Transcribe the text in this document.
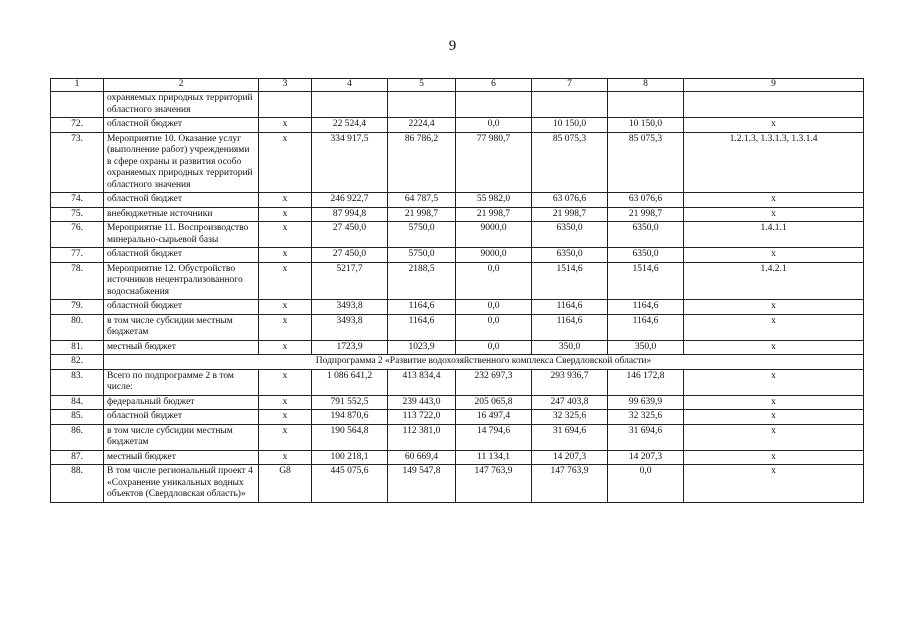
9
1	2	3	4	5	6	7	8	9
	охраняемых природных территорий областного значения							
72.	областной бюджет	х	22 524,4	2224,4	0,0	10 150,0	10 150,0	х
73.	Мероприятие 10. Оказание услуг (выполнение работ) учреждениями в сфере охраны и развития особо охраняемых природных территорий областного значения	х	334 917,5	86 786,2	77 980,7	85 075,3	85 075,3	1.2.1.3, 1.3.1.3, 1.3.1.4
74.	областной бюджет	х	246 922,7	64 787,5	55 982,0	63 076,6	63 076,6	х
75.	внебюджетные источники	х	87 994,8	21 998,7	21 998,7	21 998,7	21 998,7	х
76.	Мероприятие 11. Воспроизводство минерально-сырьевой базы	х	27 450,0	5750,0	9000,0	6350,0	6350,0	1.4.1.1
77.	областной бюджет	х	27 450,0	5750,0	9000,0	6350,0	6350,0	х
78.	Мероприятие 12. Обустройство источников нецентрализованного водоснабжения	х	5217,7	2188,5	0,0	1514,6	1514,6	1.4.2.1
79.	областной бюджет	х	3493,8	1164,6	0,0	1164,6	1164,6	х
80.	в том числе субсидии местным бюджетам	х	3493,8	1164,6	0,0	1164,6	1164,6	х
81.	местный бюджет	х	1723,9	1023,9	0,0	350,0	350,0	х
82.	Подпрограмма 2 «Развитие водохозяйственного комплекса Свердловской области»							
83.	Всего по подпрограмме 2 в том числе:	х	1 086 641,2	413 834,4	232 697,3	293 936,7	146 172,8	х
84.	федеральный бюджет	х	791 552,5	239 443,0	205 065,8	247 403,8	99 639,9	х
85.	областной бюджет	х	194 870,6	113 722,0	16 497,4	32 325,6	32 325,6	х
86.	в том числе субсидии местным бюджетам	х	190 564,8	112 381,0	14 794,6	31 694,6	31 694,6	х
87.	местный бюджет	х	100 218,1	60 669,4	11 134,1	14 207,3	14 207,3	х
88.	В том числе региональный проект 4 «Сохранение уникальных водных объектов (Свердловская область)»	G8	445 075,6	149 547,8	147 763,9	147 763,9	0,0	х
